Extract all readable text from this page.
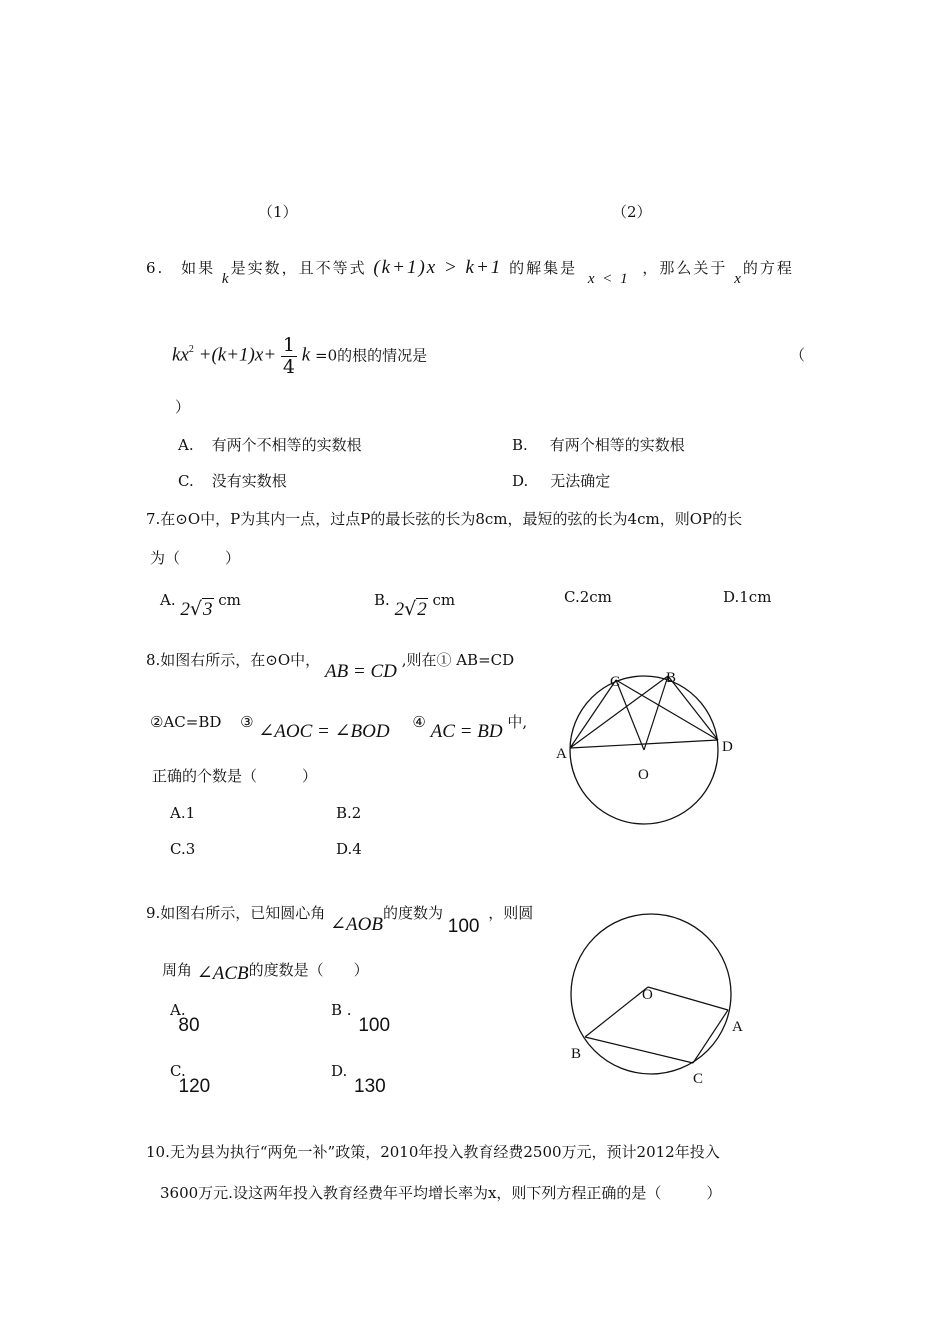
（1）	（2）
6. 如果 k是实数，且不等式 (k+1)x > k+1 的解集是 x < 1 ，那么关于 x的方程
$kx^2 +(k+1)x+ \frac{1}{4}$ k =0的根的情况是	（
）
A. 有两个不相等的实数根	B. 有两个相等的实数根
C. 没有实数根	D. 无法确定
7.在⊙O中，P为其内一点，过点P的最长弦的长为8cm，最短的弦的长为4cm，则OP的长
为（　　　）
A. 2√3 cm	B. 2√2 cm	C.2cm	D.1cm
8.如图右所示，在⊙O中， AB = CD ,则在① AB=CD
②AC=BD ③ ∠AOC = ∠BOD ④ AC = BD 中,
正确的个数是（　　　）
A.1	B.2
C.3	D.4
A	D
C	B
O
9.如图右所示，已知圆心角 ∠AOB的度数为 100 ，则圆
周角 ∠ACB的度数是（　　）
A. 80
B . 100
C. 120
D. 130
O
A
B
C
10.无为县为执行“两免一补”政策，2010年投入教育经费2500万元，预计2012年投入
3600万元.设这两年投入教育经费年平均增长率为x，则下列方程正确的是（　　　）
